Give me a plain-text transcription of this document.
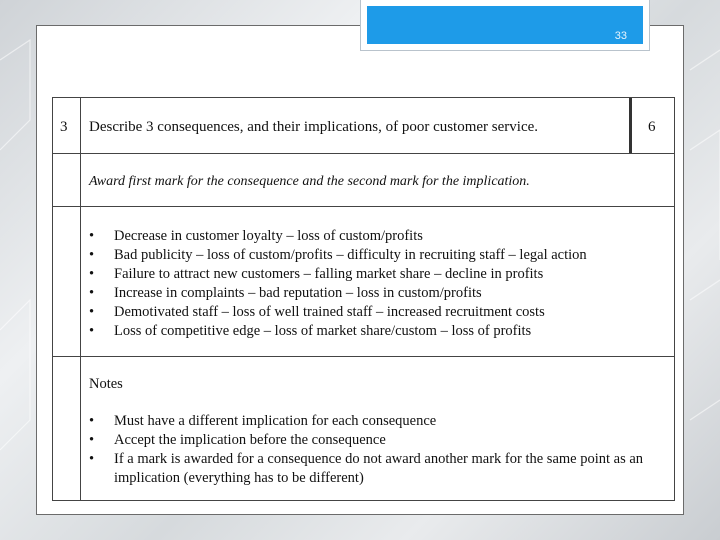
33
3 Describe 3 consequences, and their implications, of poor customer service.	6
Award first mark for the consequence and the second mark for the implication.
• Decrease in customer loyalty – loss of custom/profits
• Bad publicity – loss of custom/profits – difficulty in recruiting staff – legal action
• Failure to attract new customers – falling market share – decline in profits
• Increase in complaints – bad reputation – loss in custom/profits
• Demotivated staff – loss of well trained staff – increased recruitment costs
• Loss of competitive edge – loss of market share/custom – loss of profits
Notes
• Must have a different implication for each consequence
• Accept the implication before the consequence
• If a mark is awarded for a consequence do not award another mark for the same point as an implication (everything has to be different)
